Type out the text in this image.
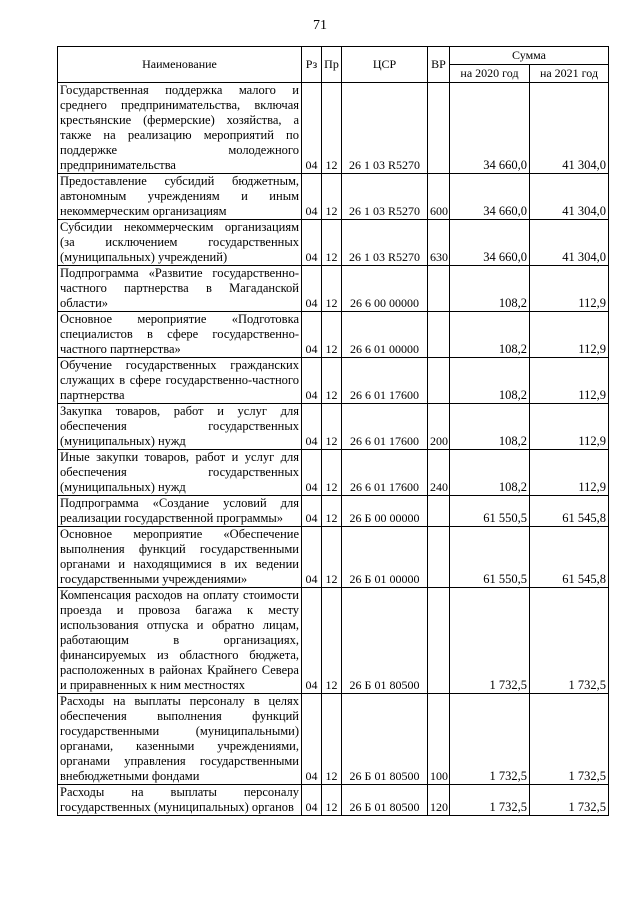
71
Наименование	Рз	Пр	ЦСР	ВР	Сумма	
					на 2020 год	на 2021 год
Государственная поддержка малого и среднего предпринимательства, включая крестьянские (фермерские) хозяйства, а также на реализацию мероприятий по поддержке молодежного предпринимательства	04	12	26 1 03 R5270		34 660,0	41 304,0
Предоставление субсидий бюджетным, автономным учреждениям и иным некоммерческим организациям	04	12	26 1 03 R5270	600	34 660,0	41 304,0
Субсидии некоммерческим организациям (за исключением государственных (муниципальных) учреждений)	04	12	26 1 03 R5270	630	34 660,0	41 304,0
Подпрограмма «Развитие государственно-частного партнерства в Магаданской области»	04	12	26 6 00 00000		108,2	112,9
Основное мероприятие «Подготовка специалистов в сфере государственно-частного партнерства»	04	12	26 6 01 00000		108,2	112,9
Обучение государственных гражданских служащих в сфере государственно-частного партнерства	04	12	26 6 01 17600		108,2	112,9
Закупка товаров, работ и услуг для обеспечения государственных (муниципальных) нужд	04	12	26 6 01 17600	200	108,2	112,9
Иные закупки товаров, работ и услуг для обеспечения государственных (муниципальных) нужд	04	12	26 6 01 17600	240	108,2	112,9
Подпрограмма «Создание условий для реализации государственной программы»	04	12	26 Б 00 00000		61 550,5	61 545,8
Основное мероприятие «Обеспечение выполнения функций государственными органами и находящимися в их ведении государственными учреждениями»	04	12	26 Б 01 00000		61 550,5	61 545,8
Компенсация расходов на оплату стоимости проезда и провоза багажа к месту использования отпуска и обратно лицам, работающим в организациях, финансируемых из областного бюджета, расположенных в районах Крайнего Севера и приравненных к ним местностях	04	12	26 Б 01 80500		1 732,5	1 732,5
Расходы на выплаты персоналу в целях обеспечения выполнения функций государственными (муниципальными) органами, казенными учреждениями, органами управления государственными внебюджетными фондами	04	12	26 Б 01 80500	100	1 732,5	1 732,5
Расходы на выплаты персоналу государственных (муниципальных) органов	04	12	26 Б 01 80500	120	1 732,5	1 732,5
